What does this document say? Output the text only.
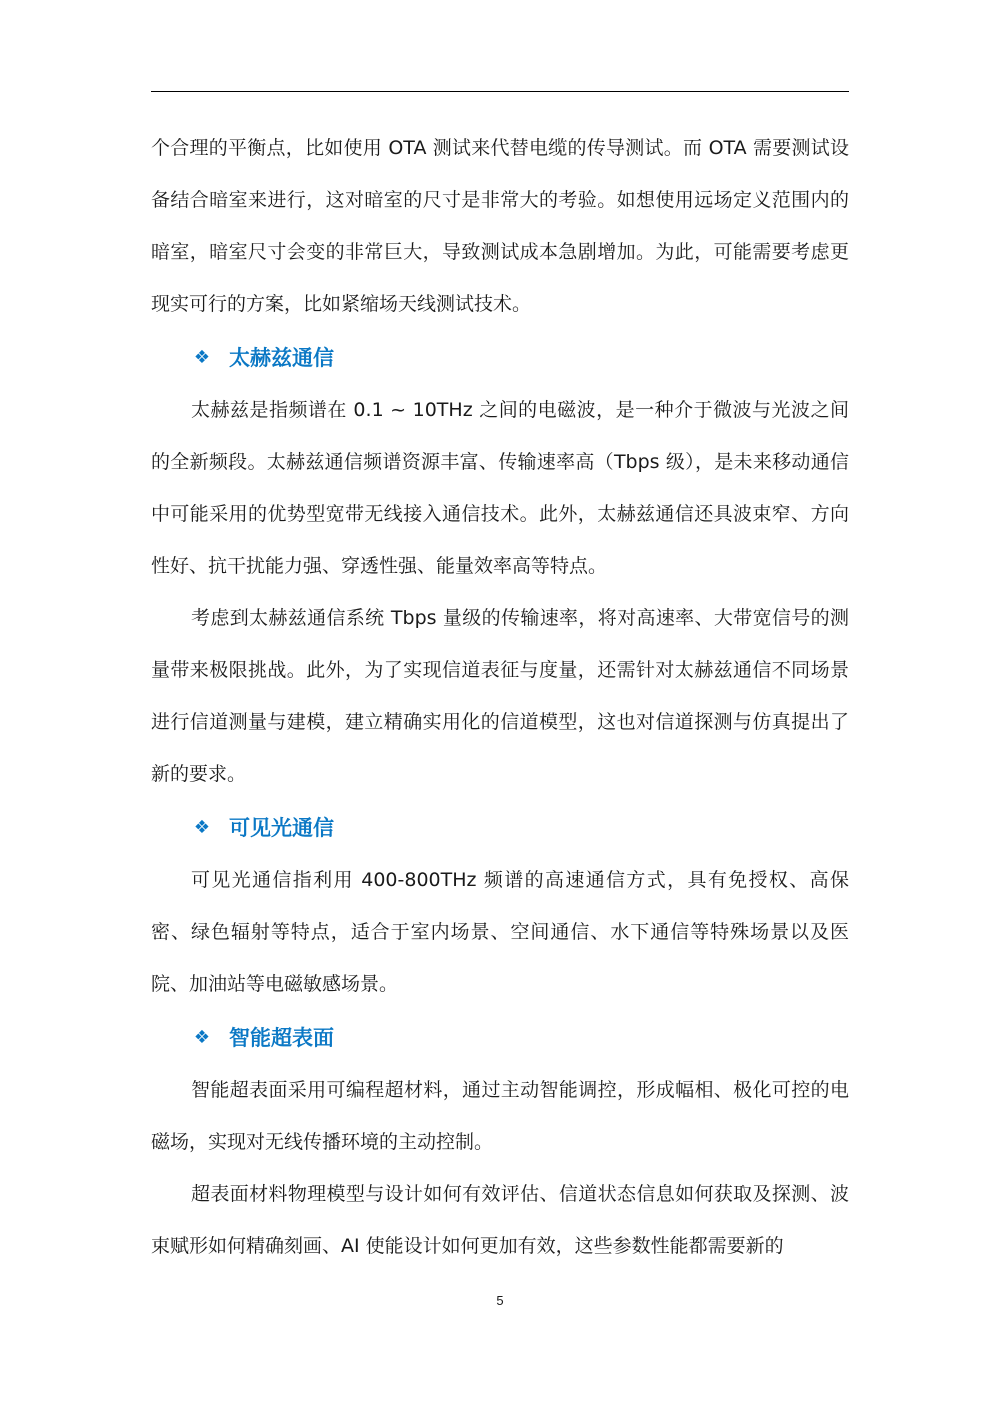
个合理的平衡点，比如使用 OTA 测试来代替电缆的传导测试。而 OTA 需要测试设备结合暗室来进行，这对暗室的尺寸是非常大的考验。如想使用远场定义范围内的暗室，暗室尺寸会变的非常巨大，导致测试成本急剧增加。为此，可能需要考虑更现实可行的方案，比如紧缩场天线测试技术。

❖ 太赫兹通信

太赫兹是指频谱在 0.1 ~ 10THz 之间的电磁波，是一种介于微波与光波之间的全新频段。太赫兹通信频谱资源丰富、传输速率高（Tbps 级），是未来移动通信中可能采用的优势型宽带无线接入通信技术。此外，太赫兹通信还具波束窄、方向性好、抗干扰能力强、穿透性强、能量效率高等特点。

考虑到太赫兹通信系统 Tbps 量级的传输速率，将对高速率、大带宽信号的测量带来极限挑战。此外，为了实现信道表征与度量，还需针对太赫兹通信不同场景进行信道测量与建模，建立精确实用化的信道模型，这也对信道探测与仿真提出了新的要求。

❖ 可见光通信

可见光通信指利用 400-800THz 频谱的高速通信方式，具有免授权、高保密、绿色辐射等特点，适合于室内场景、空间通信、水下通信等特殊场景以及医院、加油站等电磁敏感场景。

❖ 智能超表面

智能超表面采用可编程超材料，通过主动智能调控，形成幅相、极化可控的电磁场，实现对无线传播环境的主动控制。

超表面材料物理模型与设计如何有效评估、信道状态信息如何获取及探测、波束赋形如何精确刻画、AI 使能设计如何更加有效，这些参数性能都需要新的

5
